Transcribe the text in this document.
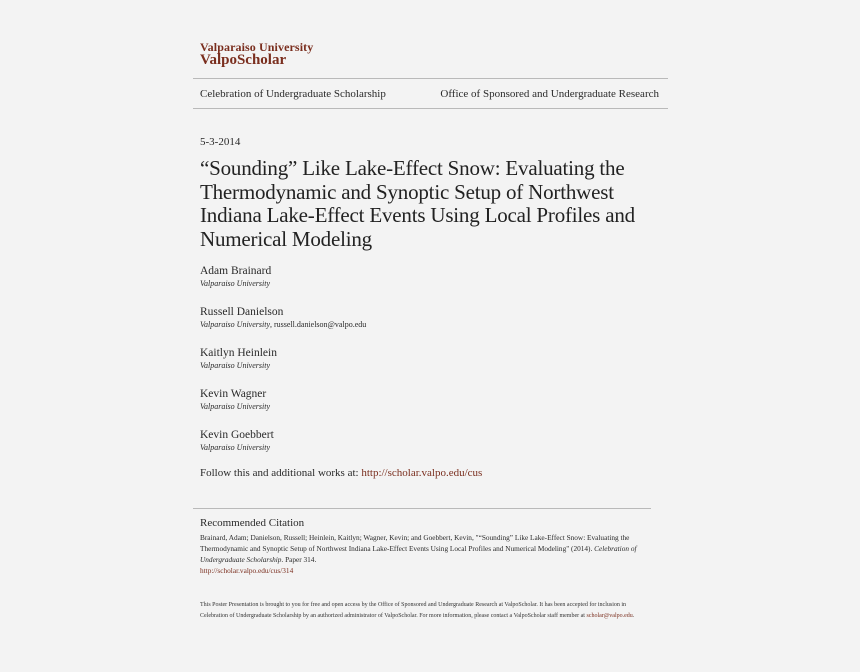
Valparaiso University
ValpoScholar
Celebration of Undergraduate Scholarship	Office of Sponsored and Undergraduate Research
5-3-2014
“Sounding” Like Lake-Effect Snow: Evaluating the Thermodynamic and Synoptic Setup of Northwest Indiana Lake-Effect Events Using Local Profiles and Numerical Modeling
Adam Brainard
Valparaiso University
Russell Danielson
Valparaiso University, russell.danielson@valpo.edu
Kaitlyn Heinlein
Valparaiso University
Kevin Wagner
Valparaiso University
Kevin Goebbert
Valparaiso University
Follow this and additional works at: http://scholar.valpo.edu/cus
Recommended Citation
Brainard, Adam; Danielson, Russell; Heinlein, Kaitlyn; Wagner, Kevin; and Goebbert, Kevin, "“Sounding” Like Lake-Effect Snow: Evaluating the Thermodynamic and Synoptic Setup of Northwest Indiana Lake-Effect Events Using Local Profiles and Numerical Modeling" (2014). Celebration of Undergraduate Scholarship. Paper 314.
http://scholar.valpo.edu/cus/314
This Poster Presentation is brought to you for free and open access by the Office of Sponsored and Undergraduate Research at ValpoScholar. It has been accepted for inclusion in Celebration of Undergraduate Scholarship by an authorized administrator of ValpoScholar. For more information, please contact a ValpoScholar staff member at scholar@valpo.edu.
